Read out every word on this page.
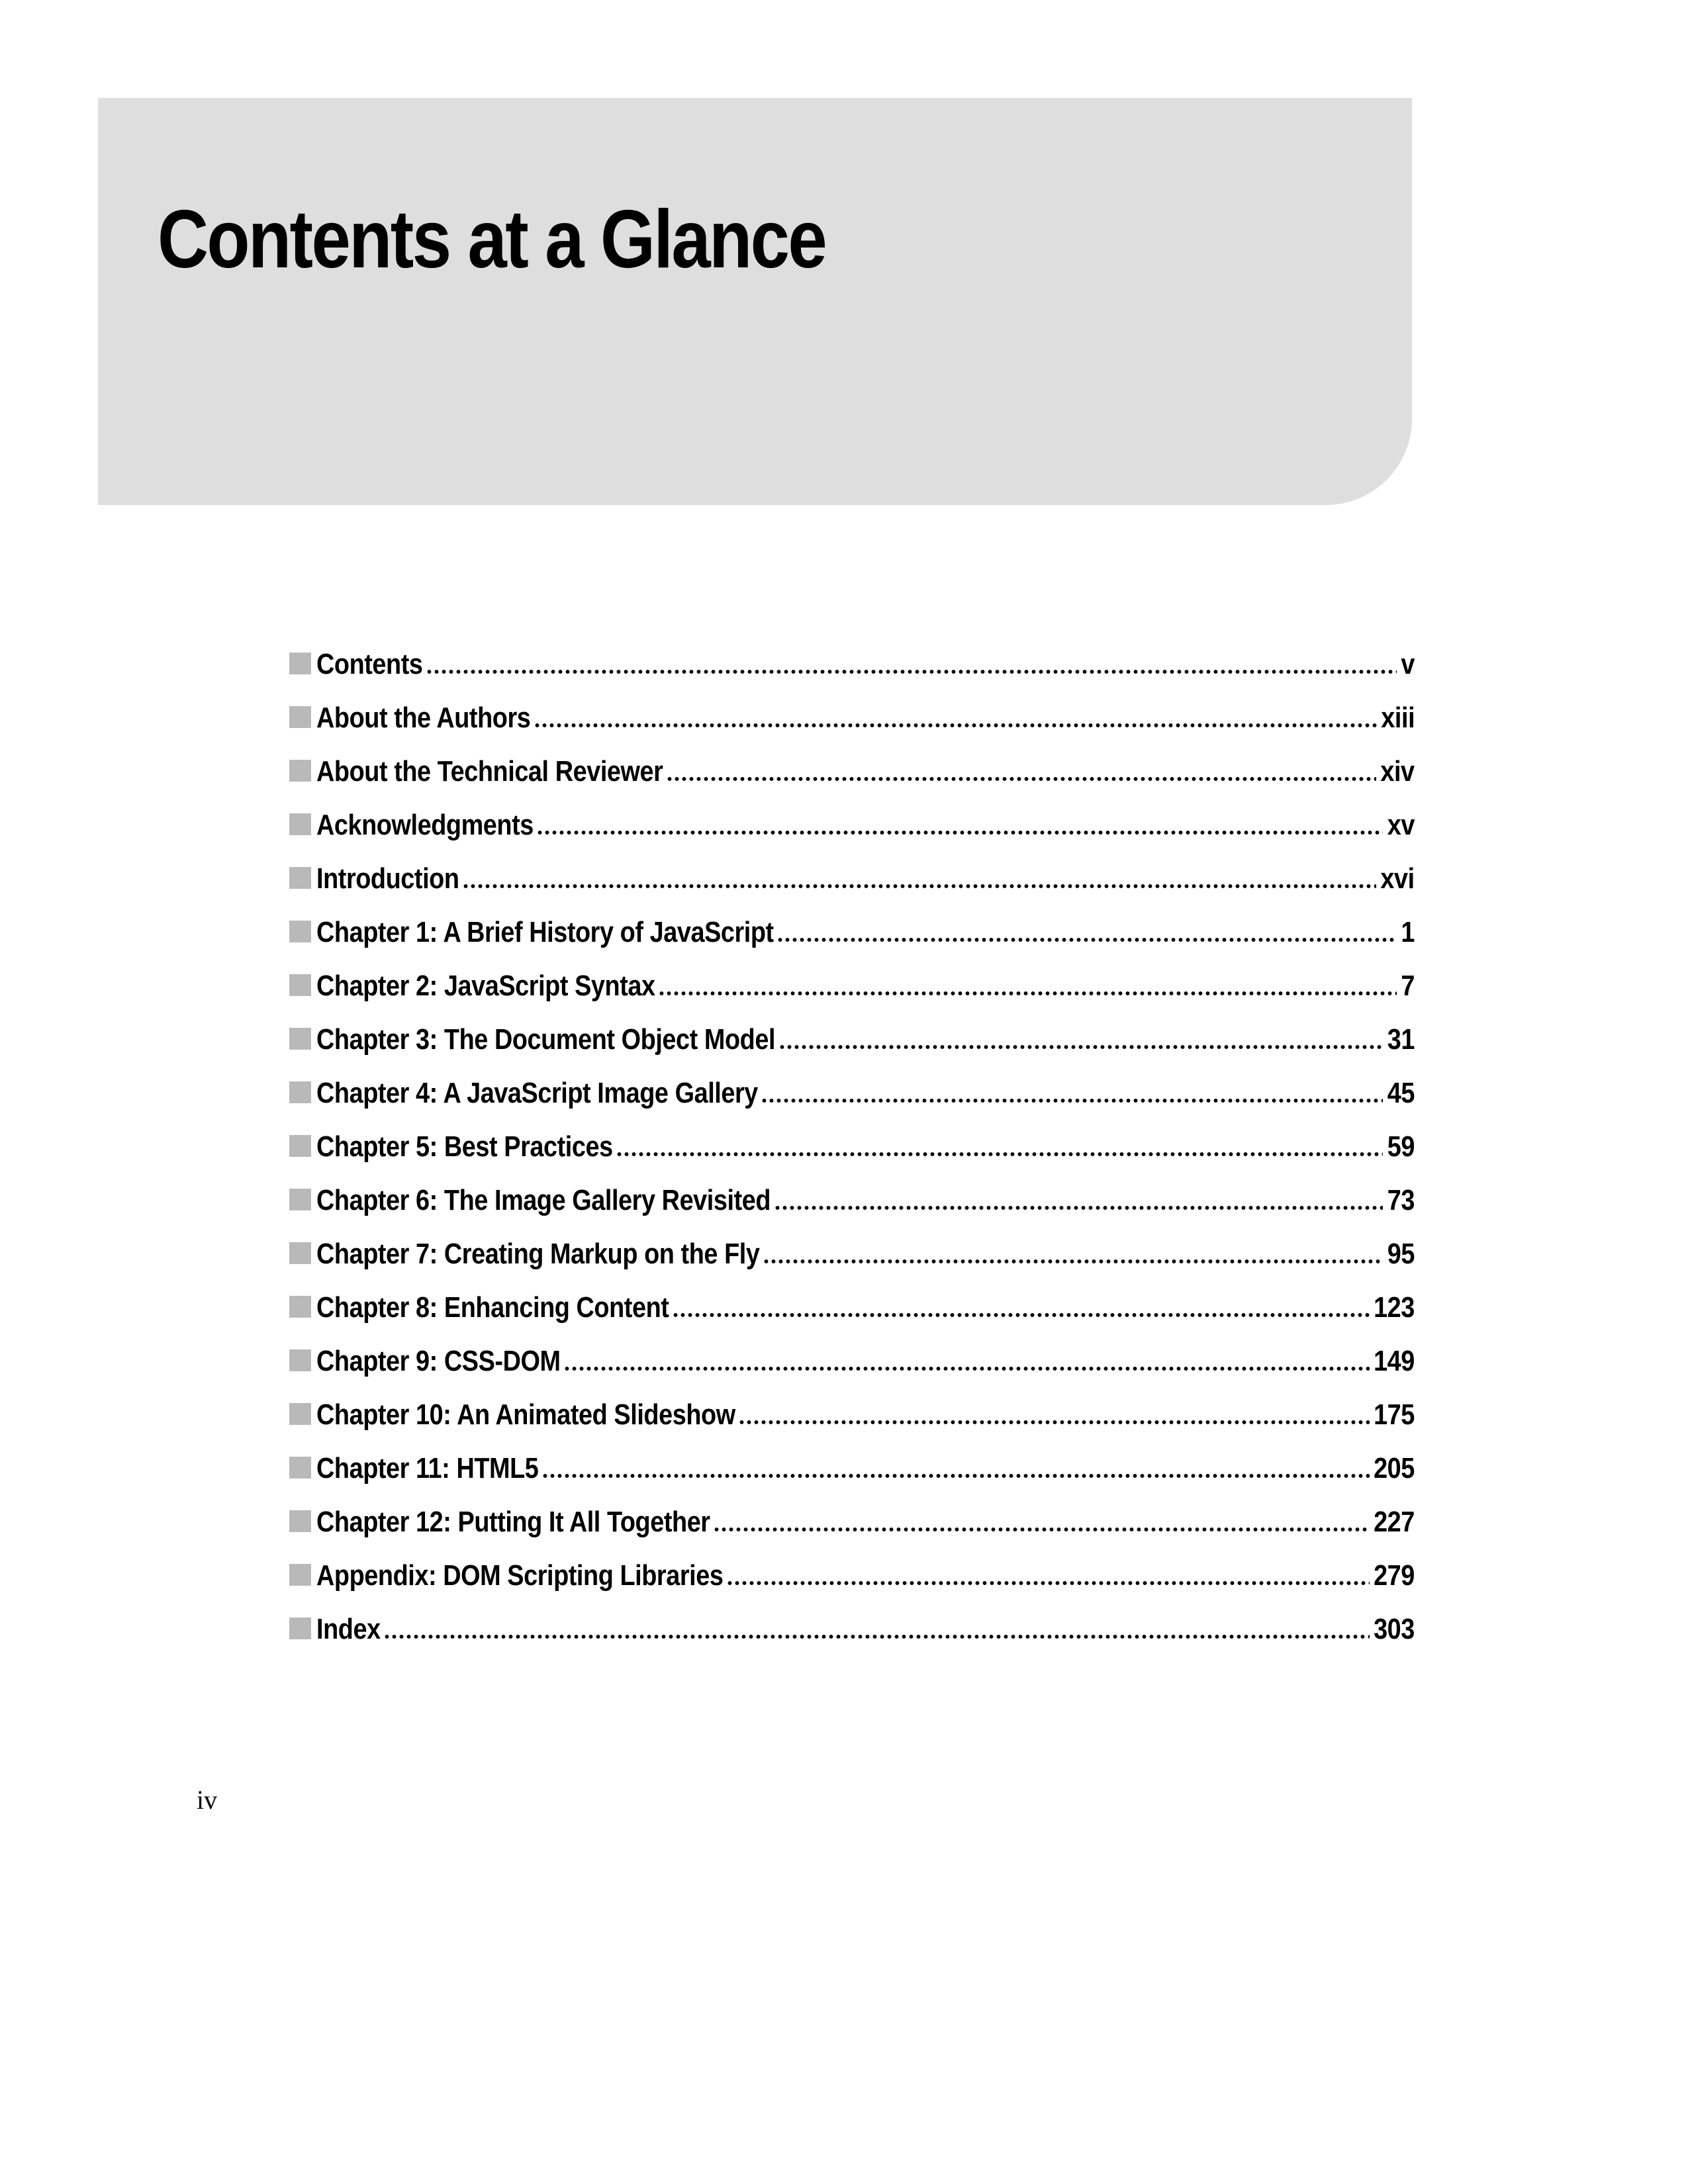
Contents at a Glance
Contents	v
About the Authors	xiii
About the Technical Reviewer	xiv
Acknowledgments	xv
Introduction	xvi
Chapter 1: A Brief History of JavaScript	1
Chapter 2: JavaScript Syntax	7
Chapter 3: The Document Object Model	31
Chapter 4: A JavaScript Image Gallery	45
Chapter 5: Best Practices	59
Chapter 6: The Image Gallery Revisited	73
Chapter 7: Creating Markup on the Fly	95
Chapter 8: Enhancing Content	123
Chapter 9: CSS-DOM	149
Chapter 10: An Animated Slideshow	175
Chapter 11: HTML5	205
Chapter 12: Putting It All Together	227
Appendix: DOM Scripting Libraries	279
Index	303

iv
